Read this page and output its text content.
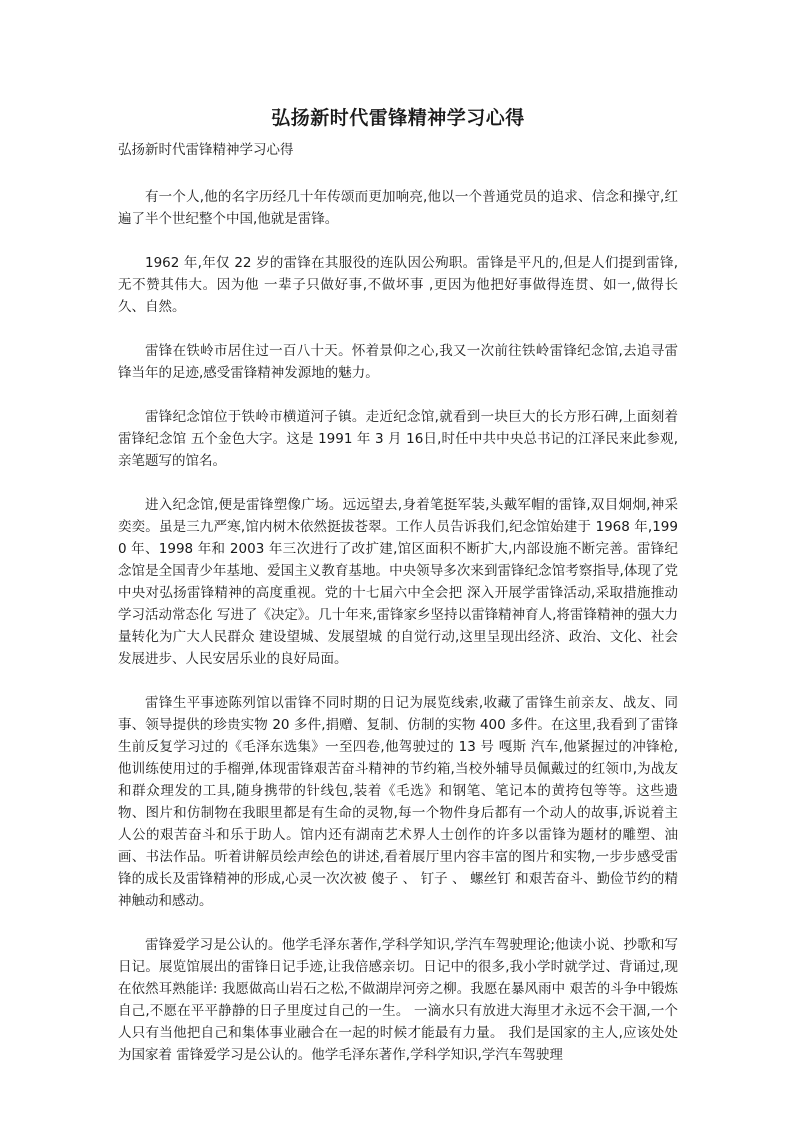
弘扬新时代雷锋精神学习心得
弘扬新时代雷锋精神学习心得

有一个人,他的名字历经几十年传颂而更加响亮,他以一个普通党员的追求、信念和操守,红遍了半个世纪整个中国,他就是雷锋。

1962 年,年仅 22 岁的雷锋在其服役的连队因公殉职。雷锋是平凡的,但是人们提到雷锋,无不赞其伟大。因为他 一辈子只做好事,不做坏事 ,更因为他把好事做得连贯、如一,做得长久、自然。

雷锋在铁岭市居住过一百八十天。怀着景仰之心,我又一次前往铁岭雷锋纪念馆,去追寻雷锋当年的足迹,感受雷锋精神发源地的魅力。

雷锋纪念馆位于铁岭市横道河子镇。走近纪念馆,就看到一块巨大的长方形石碑,上面刻着 雷锋纪念馆 五个金色大字。这是 1991 年 3 月 16日,时任中共中央总书记的江泽民来此参观,亲笔题写的馆名。

进入纪念馆,便是雷锋塑像广场。远远望去,身着笔挺军装,头戴军帽的雷锋,双目炯炯,神采奕奕。虽是三九严寒,馆内树木依然挺拔苍翠。工作人员告诉我们,纪念馆始建于 1968 年,1990 年、1998 年和 2003 年三次进行了改扩建,馆区面积不断扩大,内部设施不断完善。雷锋纪念馆是全国青少年基地、爱国主义教育基地。中央领导多次来到雷锋纪念馆考察指导,体现了党中央对弘扬雷锋精神的高度重视。党的十七届六中全会把 深入开展学雷锋活动,采取措施推动学习活动常态化 写进了《决定》。几十年来,雷锋家乡坚持以雷锋精神育人,将雷锋精神的强大力量转化为广大人民群众 建设望城、发展望城 的自觉行动,这里呈现出经济、政治、文化、社会发展进步、人民安居乐业的良好局面。

雷锋生平事迹陈列馆以雷锋不同时期的日记为展览线索,收藏了雷锋生前亲友、战友、同事、领导提供的珍贵实物 20 多件,捐赠、复制、仿制的实物 400 多件。在这里,我看到了雷锋生前反复学习过的《毛泽东选集》一至四卷,他驾驶过的 13 号 嘎斯 汽车,他紧握过的冲锋枪,他训练使用过的手榴弹,体现雷锋艰苦奋斗精神的节约箱,当校外辅导员佩戴过的红领巾,为战友和群众理发的工具,随身携带的针线包,装着《毛选》和钢笔、笔记本的黄挎包等等。这些遗物、图片和仿制物在我眼里都是有生命的灵物,每一个物件身后都有一个动人的故事,诉说着主人公的艰苦奋斗和乐于助人。馆内还有湖南艺术界人士创作的许多以雷锋为题材的雕塑、油画、书法作品。听着讲解员绘声绘色的讲述,看着展厅里内容丰富的图片和实物,一步步感受雷锋的成长及雷锋精神的形成,心灵一次次被 傻子 、 钉子 、 螺丝钉 和艰苦奋斗、勤俭节约的精神触动和感动。

雷锋爱学习是公认的。他学毛泽东著作,学科学知识,学汽车驾驶理论;他读小说、抄歌和写日记。展览馆展出的雷锋日记手迹,让我倍感亲切。日记中的很多,我小学时就学过、背诵过,现在依然耳熟能详: 我愿做高山岩石之松,不做湖岸河旁之柳。我愿在暴风雨中 艰苦的斗争中锻炼自己,不愿在平平静静的日子里度过自己的一生。 一滴水只有放进大海里才永远不会干涸,一个人只有当他把自己和集体事业融合在一起的时候才能最有力量。 我们是国家的主人,应该处处为国家着 雷锋爱学习是公认的。他学毛泽东著作,学科学知识,学汽车驾驶理
